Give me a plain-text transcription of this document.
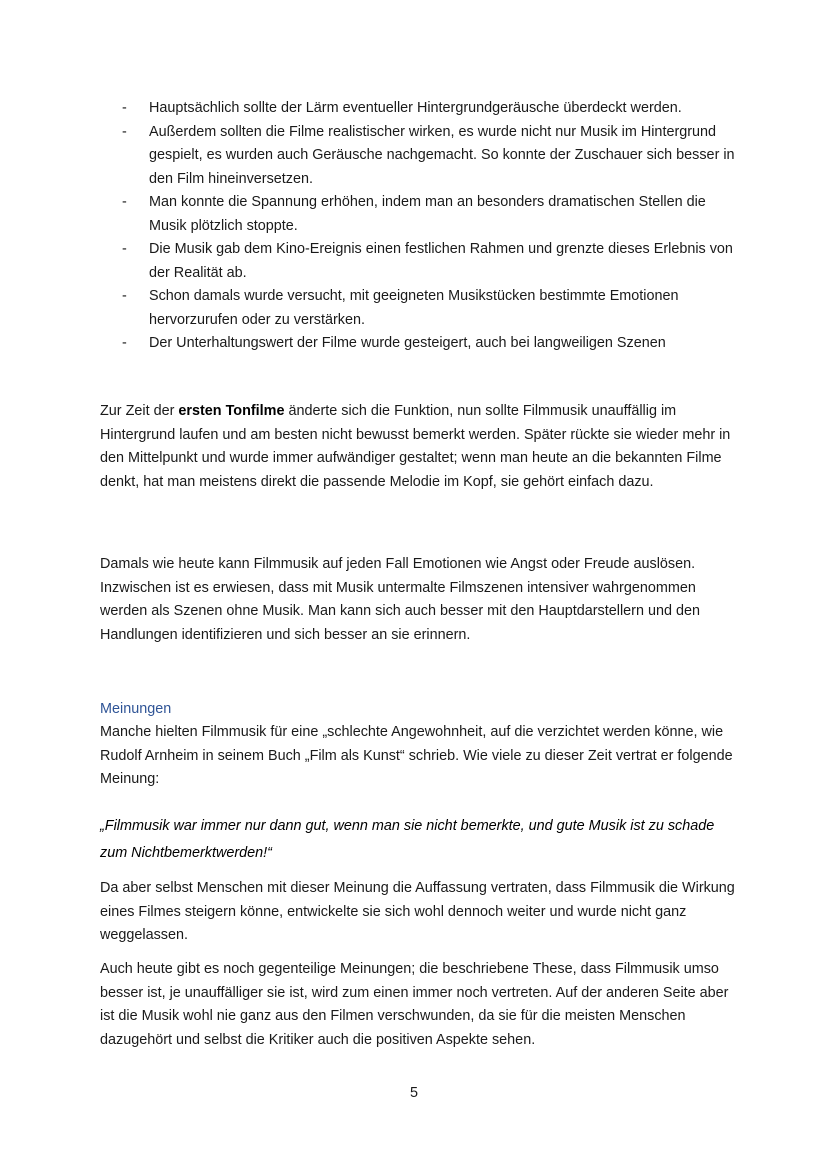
- Hauptsächlich sollte der Lärm eventueller Hintergrundgeräusche überdeckt werden.
- Außerdem sollten die Filme realistischer wirken, es wurde nicht nur Musik im Hintergrund gespielt, es wurden auch Geräusche nachgemacht. So konnte der Zuschauer sich besser in den Film hineinversetzen.
- Man konnte die Spannung erhöhen, indem man an besonders dramatischen Stellen die Musik plötzlich stoppte.
- Die Musik gab dem Kino-Ereignis einen festlichen Rahmen und grenzte dieses Erlebnis von der Realität ab.
- Schon damals wurde versucht, mit geeigneten Musikstücken bestimmte Emotionen hervorzurufen oder zu verstärken.
- Der Unterhaltungswert der Filme wurde gesteigert, auch bei langweiligen Szenen

Zur Zeit der ersten Tonfilme änderte sich die Funktion, nun sollte Filmmusik unauffällig im Hintergrund laufen und am besten nicht bewusst bemerkt werden. Später rückte sie wieder mehr in den Mittelpunkt und wurde immer aufwändiger gestaltet; wenn man heute an die bekannten Filme denkt, hat man meistens direkt die passende Melodie im Kopf, sie gehört einfach dazu.

Damals wie heute kann Filmmusik auf jeden Fall Emotionen wie Angst oder Freude auslösen. Inzwischen ist es erwiesen, dass mit Musik untermalte Filmszenen intensiver wahrgenommen werden als Szenen ohne Musik. Man kann sich auch besser mit den Hauptdarstellern und den Handlungen identifizieren und sich besser an sie erinnern.

Meinungen

Manche hielten Filmmusik für eine „schlechte Angewohnheit, auf die verzichtet werden könne, wie Rudolf Arnheim in seinem Buch „Film als Kunst“ schrieb. Wie viele zu dieser Zeit vertrat er folgende Meinung:

„Filmmusik war immer nur dann gut, wenn man sie nicht bemerkte, und gute Musik ist zu schade zum Nichtbemerktwerden!“

Da aber selbst Menschen mit dieser Meinung die Auffassung vertraten, dass Filmmusik die Wirkung eines Filmes steigern könne, entwickelte sie sich wohl dennoch weiter und wurde nicht ganz weggelassen.

Auch heute gibt es noch gegenteilige Meinungen; die beschriebene These, dass Filmmusik umso besser ist, je unauffälliger sie ist, wird zum einen immer noch vertreten. Auf der anderen Seite aber ist die Musik wohl nie ganz aus den Filmen verschwunden, da sie für die meisten Menschen dazugehört und selbst die Kritiker auch die positiven Aspekte sehen.

5
